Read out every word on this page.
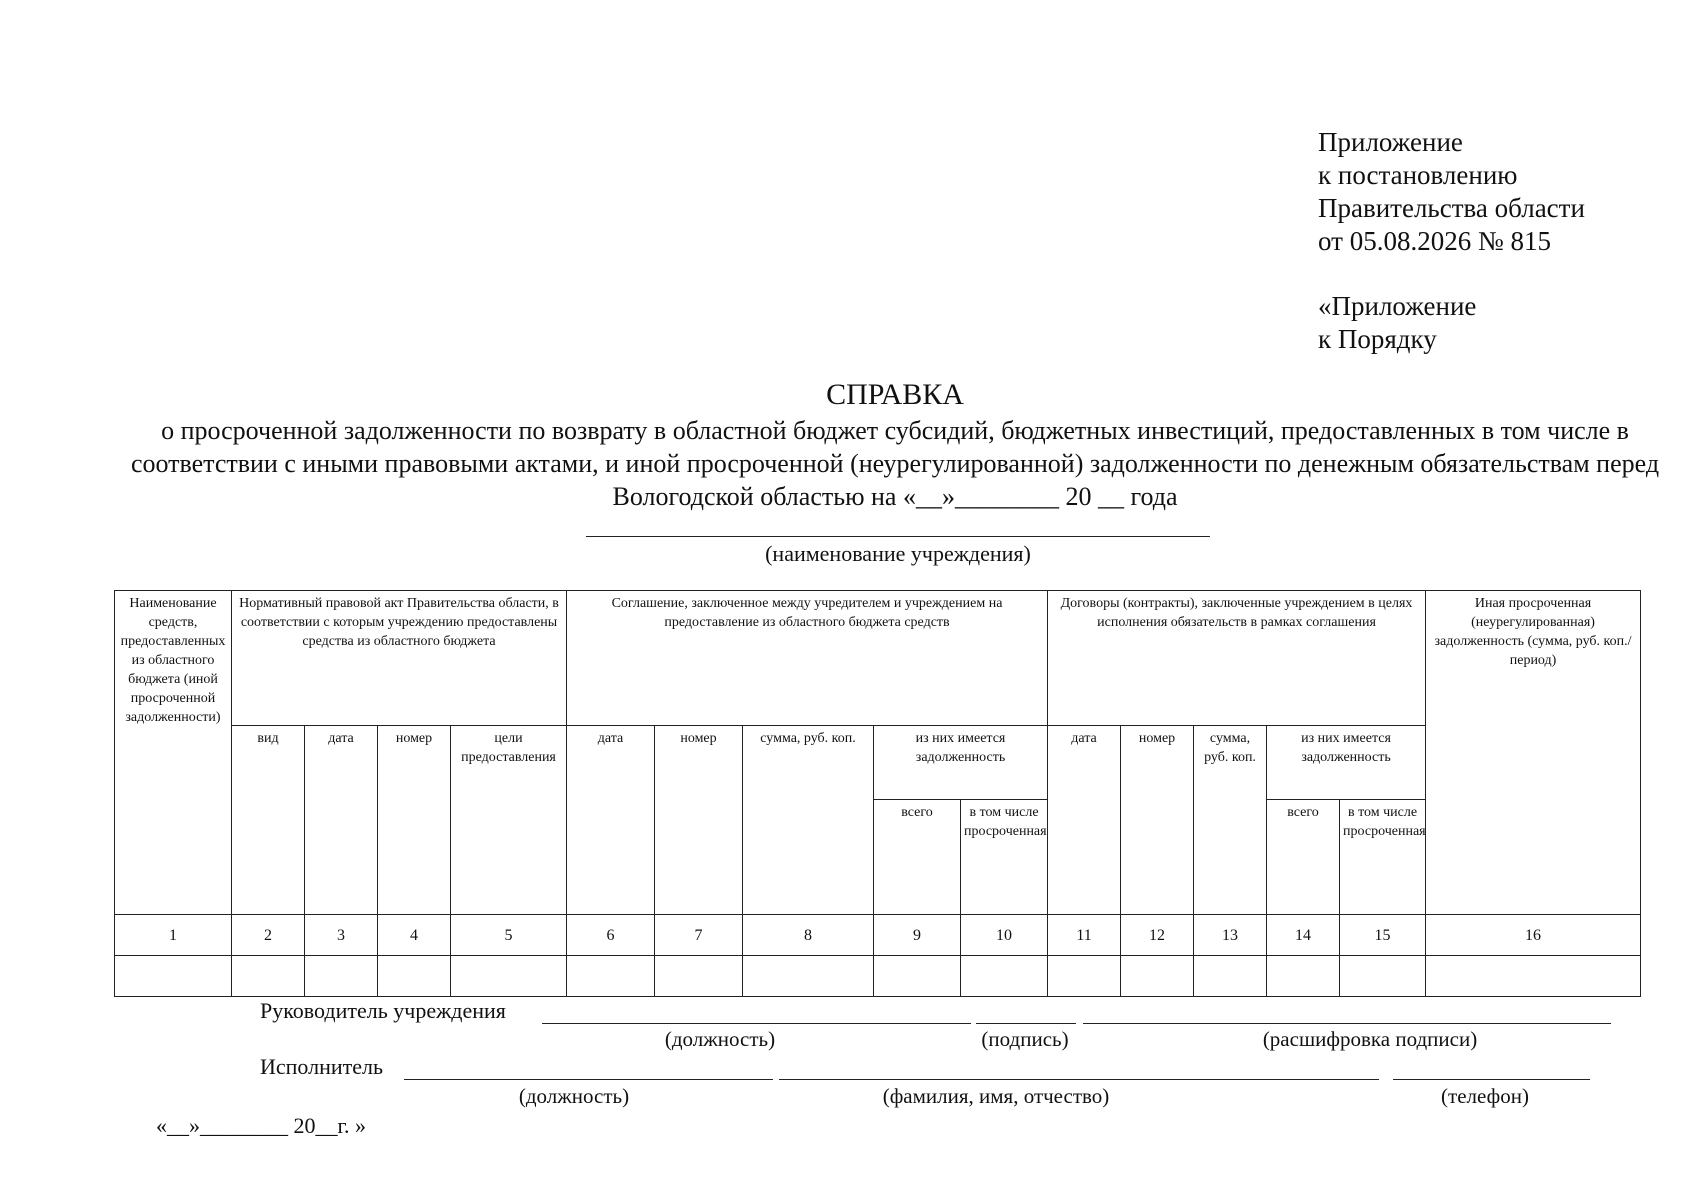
Приложение
к постановлению
Правительства области
от 05.08.2026 № 815
«Приложение
к Порядку
СПРАВКА
о просроченной задолженности по возврату в областной бюджет субсидий, бюджетных инвестиций, предоставленных в том числе в соответствии с иными правовыми актами, и иной просроченной (неурегулированной) задолженности по денежным обязательствам перед Вологодской областью на «__»________ 20 __ года
(наименование учреждения)
Наименование средств, предоставленных из областного бюджета (иной просроченной задолженности)	Нормативный правовой акт Правительства области, в соответствии с которым учреждению предоставлены средства из областного бюджета				Соглашение, заключенное между учредителем и учреждением на предоставление из областного бюджета средств					Договоры (контракты), заключенные учреждением в целях исполнения обязательств в рамках соглашения					Иная просроченная (неурегулированная) задолженность (сумма, руб. коп./период)
	вид	дата	номер	цели предоставления	дата	номер	сумма, руб. коп.	из них имеется задолженность		дата	номер	сумма, руб. коп.	из них имеется задолженность		
								всего	в том числе просроченная				всего	в том числе просроченная	
1	2	3	4	5	6	7	8	9	10	11	12	13	14	15	16

Руководитель учреждения
(должность)	(подпись)	(расшифровка подписи)
Исполнитель
(должность)	(фамилия, имя, отчество)	(телефон)
«__»________ 20__г. »
